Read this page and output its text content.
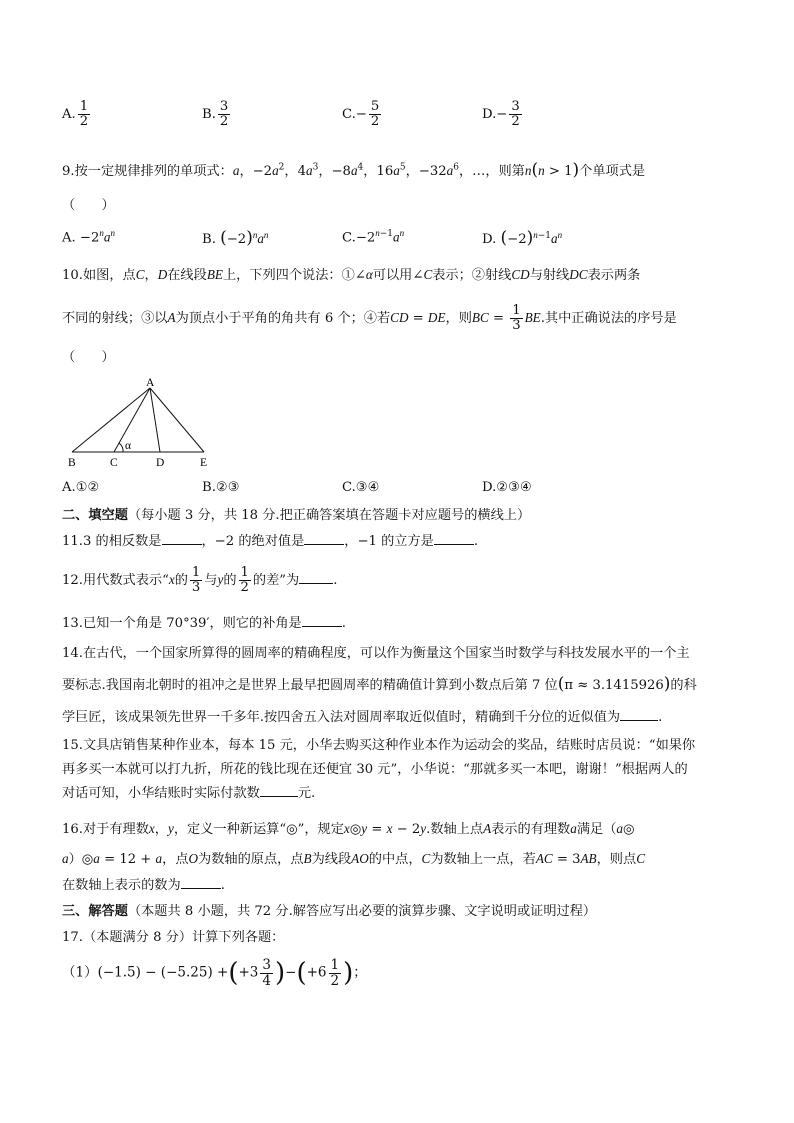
A. $\frac{1}{2}$	B. $\frac{3}{2}$	$C.- \frac{5}{2}$	$D.- \frac{3}{2}$
9.按一定规律排列的单项式：a，$-2a^2$，$4a^3$，$-8a^4$，$16a^5$，$-32a^6$，…，则第n(n > 1)个单项式是
（　　）
A. $-2^na^n$	B. $(-2)^na^n$	$C.-2^{n-1}a^n$	D. $(-2)^{n-1}a^n$
10.如图，点C，D在线段BE上，下列四个说法：①∠α可以用∠C表示；②射线CD与射线DC表示两条
不同的射线；③以A为顶点小于平角的角共有 6 个；④若CD = DE，则BC = $\frac{1}{3}$ BE.其中正确说法的序号是
（　　）
A
B	C	D	E
α
A.①②	B.②③	C.③④	D.②③④
二、填空题（每小题 3 分，共 18 分.把正确答案填在答题卡对应题号的横线上）
11.3 的相反数是	，−2 的绝对值是	，−1 的立方是	.
12.用代数式表示“x的 $\frac{1}{3}$ 与y的 $\frac{1}{2}$ 的差”为	.
13.已知一个角是 70°39′，则它的补角是	.
14.在古代，一个国家所算得的圆周率的精确程度，可以作为衡量这个国家当时数学与科技发展水平的一个主
要标志.我国南北朝时的祖冲之是世界上最早把圆周率的精确值计算到小数点后第 7 位(π ≈ 3.1415926)的科
学巨匠，该成果领先世界一千多年.按四舍五入法对圆周率取近似值时，精确到千分位的近似值为	.
15.文具店销售某种作业本，每本 15 元，小华去购买这种作业本作为运动会的奖品，结账时店员说：“如果你
再多买一本就可以打九折，所花的钱比现在还便宜 30 元”，小华说：“那就多买一本吧，谢谢！”根据两人的
对话可知，小华结账时实际付款数	元.
16.对于有理数x，y，定义一种新运算“◎”，规定x◎y = x − 2y.数轴上点A表示的有理数a满足（a◎
a）◎a = 12 + a，点O为数轴的原点，点B为线段AO的中点，C为数轴上一点，若AC = 3AB，则点C
在数轴上表示的数为	.
三、解答题（本题共 8 小题，共 72 分.解答应写出必要的演算步骤、文字说明或证明过程）
17.（本题满分 8 分）计算下列各题：
$(1)(-1.5) - (-5.25) +(+3 \frac{3}{4} )-(+6 \frac{1}{2}$ )；
